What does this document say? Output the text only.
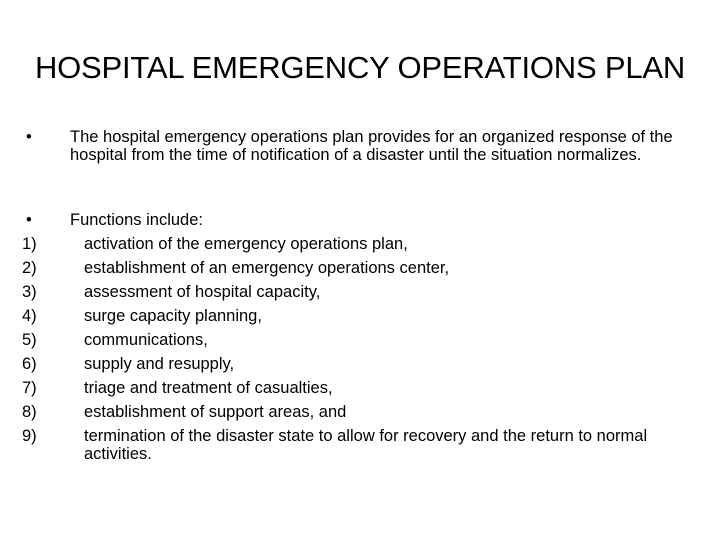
HOSPITAL EMERGENCY OPERATIONS PLAN
•	The hospital emergency operations plan provides for an organized response of the hospital from the time of notification of a disaster until the situation normalizes.
•	Functions include:
1)	activation of the emergency operations plan,
2)	establishment of an emergency operations center,
3)	assessment of hospital capacity,
4)	surge capacity planning,
5)	communications,
6)	supply and resupply,
7)	triage and treatment of casualties,
8)	establishment of support areas, and
9)	termination of the disaster state to allow for recovery and the return to normal activities.
